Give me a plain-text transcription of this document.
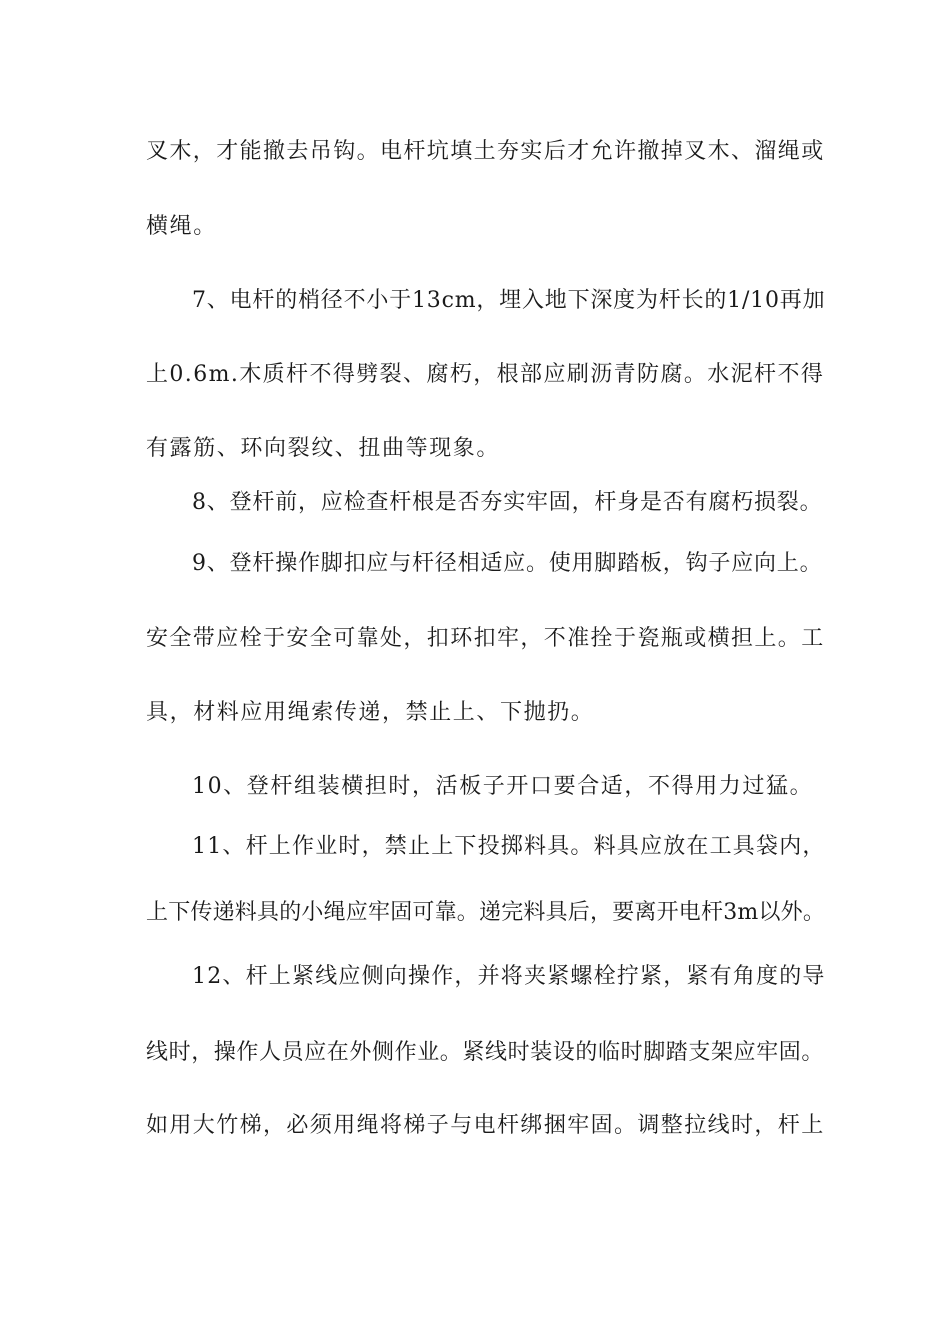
叉木，才能撤去吊钩。电杆坑填土夯实后才允许撤掉叉木、溜绳或
横绳。
7、电杆的梢径不小于13cm，埋入地下深度为杆长的1/10再加
上0.6m.木质杆不得劈裂、腐朽，根部应刷沥青防腐。水泥杆不得
有露筋、环向裂纹、扭曲等现象。
8、登杆前，应检查杆根是否夯实牢固，杆身是否有腐朽损裂。
9、登杆操作脚扣应与杆径相适应。使用脚踏板，钩子应向上。
安全带应栓于安全可靠处，扣环扣牢，不准拴于瓷瓶或横担上。工
具，材料应用绳索传递，禁止上、下抛扔。
10、登杆组装横担时，活板子开口要合适，不得用力过猛。
11、杆上作业时，禁止上下投掷料具。料具应放在工具袋内，
上下传递料具的小绳应牢固可靠。递完料具后，要离开电杆3m以外。
12、杆上紧线应侧向操作，并将夹紧螺栓拧紧，紧有角度的导
线时，操作人员应在外侧作业。紧线时装设的临时脚踏支架应牢固。
如用大竹梯，必须用绳将梯子与电杆绑捆牢固。调整拉线时，杆上
